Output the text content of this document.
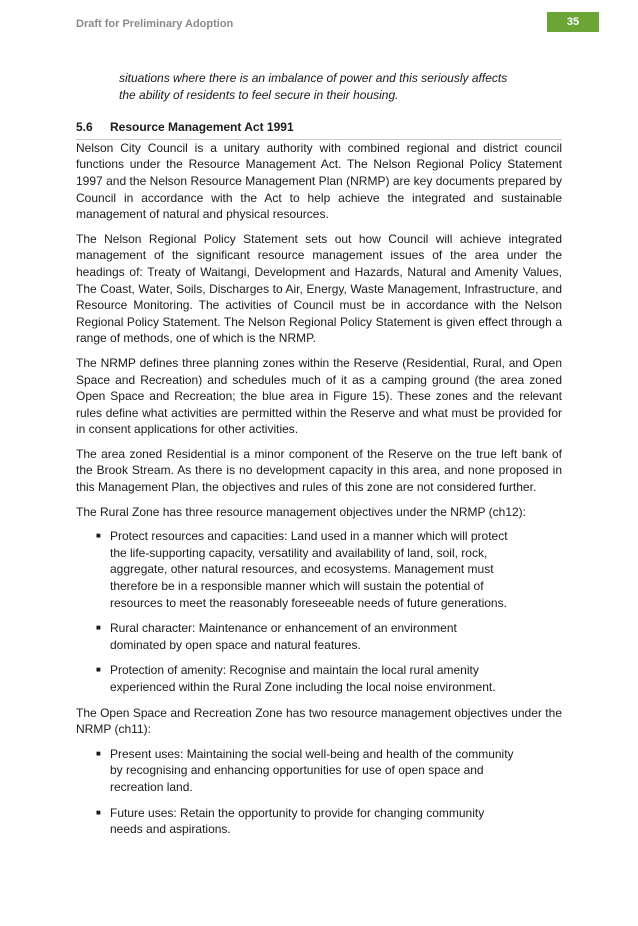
Draft for Preliminary Adoption	35

situations where there is an imbalance of power and this seriously affects the ability of residents to feel secure in their housing.

5.6	Resource Management Act 1991

Nelson City Council is a unitary authority with combined regional and district council functions under the Resource Management Act. The Nelson Regional Policy Statement 1997 and the Nelson Resource Management Plan (NRMP) are key documents prepared by Council in accordance with the Act to help achieve the integrated and sustainable management of natural and physical resources.

The Nelson Regional Policy Statement sets out how Council will achieve integrated management of the significant resource management issues of the area under the headings of: Treaty of Waitangi, Development and Hazards, Natural and Amenity Values, The Coast, Water, Soils, Discharges to Air, Energy, Waste Management, Infrastructure, and Resource Monitoring. The activities of Council must be in accordance with the Nelson Regional Policy Statement. The Nelson Regional Policy Statement is given effect through a range of methods, one of which is the NRMP.

The NRMP defines three planning zones within the Reserve (Residential, Rural, and Open Space and Recreation) and schedules much of it as a camping ground (the area zoned Open Space and Recreation; the blue area in Figure 15). These zones and the relevant rules define what activities are permitted within the Reserve and what must be provided for in consent applications for other activities.

The area zoned Residential is a minor component of the Reserve on the true left bank of the Brook Stream. As there is no development capacity in this area, and none proposed in this Management Plan, the objectives and rules of this zone are not considered further.

The Rural Zone has three resource management objectives under the NRMP (ch12):

■ Protect resources and capacities: Land used in a manner which will protect the life-supporting capacity, versatility and availability of land, soil, rock, aggregate, other natural resources, and ecosystems. Management must therefore be in a responsible manner which will sustain the potential of resources to meet the reasonably foreseeable needs of future generations.
■ Rural character: Maintenance or enhancement of an environment dominated by open space and natural features.
■ Protection of amenity: Recognise and maintain the local rural amenity experienced within the Rural Zone including the local noise environment.

The Open Space and Recreation Zone has two resource management objectives under the NRMP (ch11):

■ Present uses: Maintaining the social well-being and health of the community by recognising and enhancing opportunities for use of open space and recreation land.
■ Future uses: Retain the opportunity to provide for changing community needs and aspirations.
